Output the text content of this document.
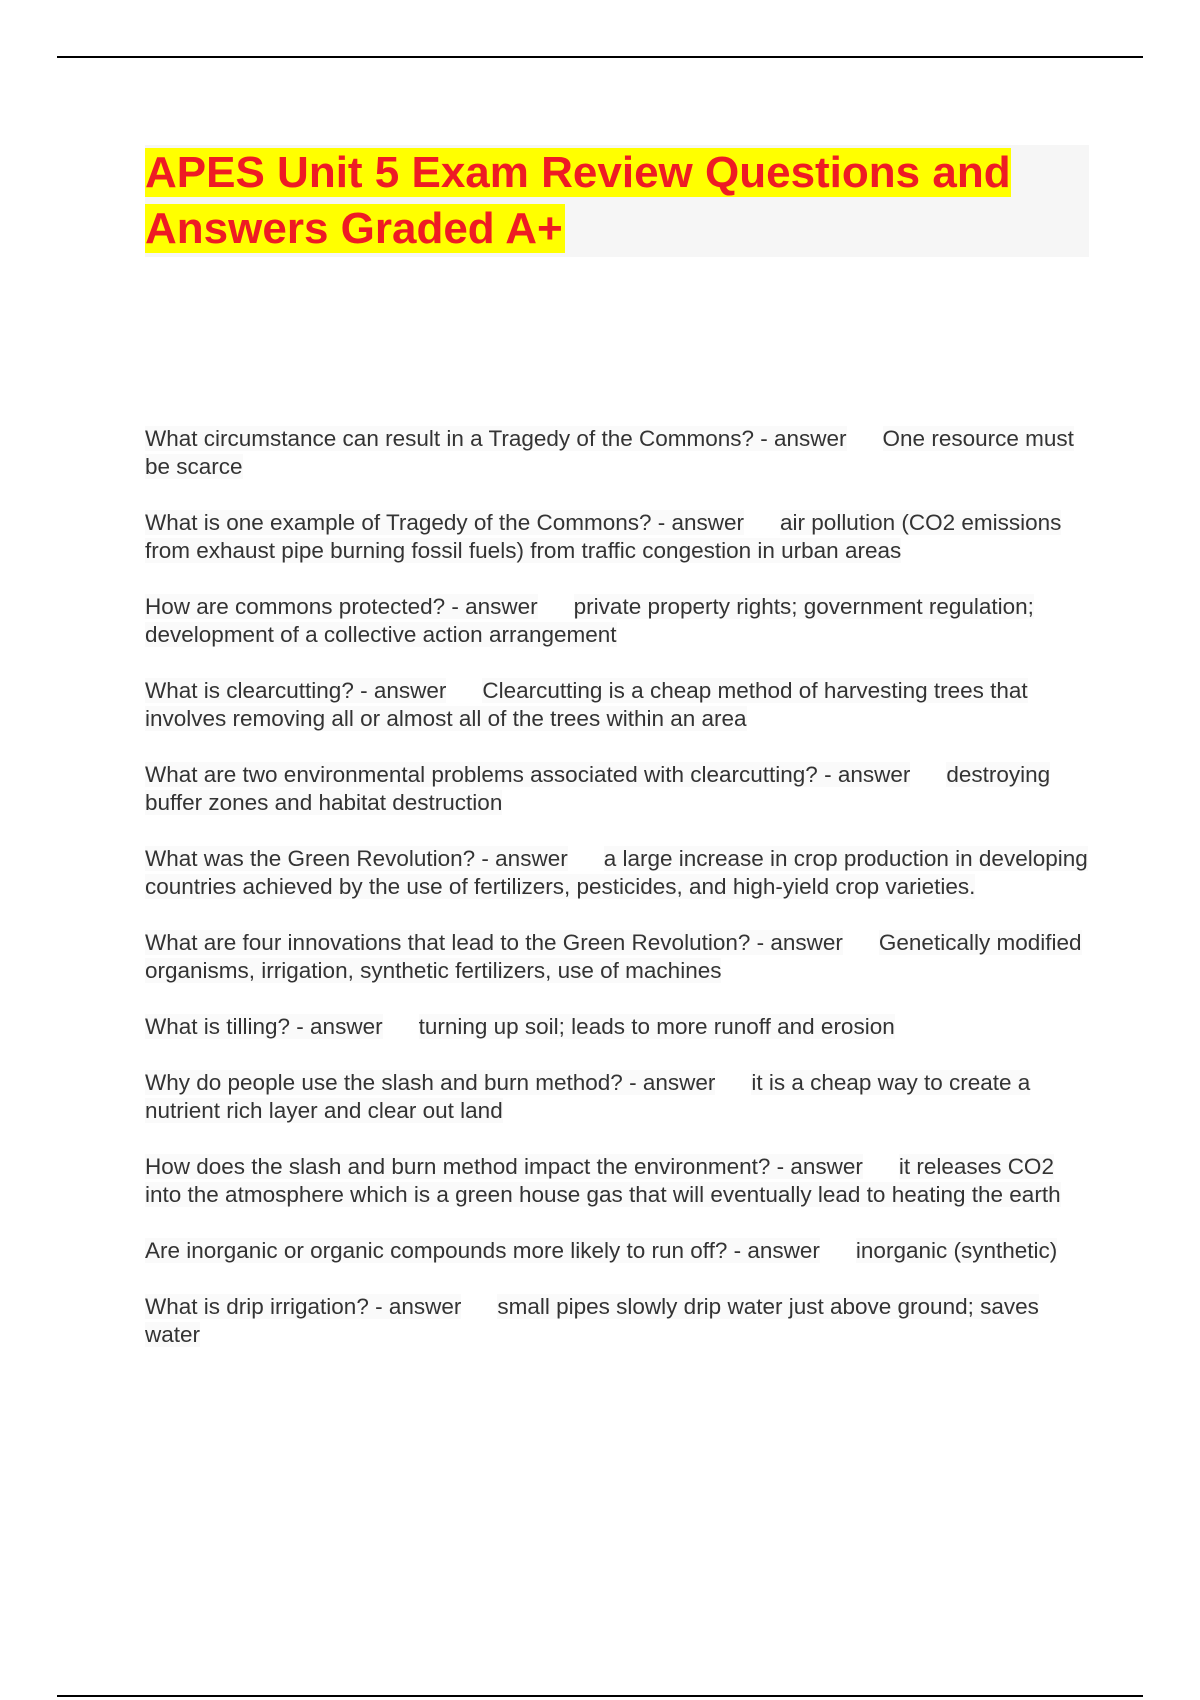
APES Unit 5 Exam Review Questions and Answers Graded A+

What circumstance can result in a Tragedy of the Commons? - answer One resource must be scarce

What is one example of Tragedy of the Commons? - answer air pollution (CO2 emissions from exhaust pipe burning fossil fuels) from traffic congestion in urban areas

How are commons protected? - answer private property rights; government regulation; development of a collective action arrangement

What is clearcutting? - answer Clearcutting is a cheap method of harvesting trees that involves removing all or almost all of the trees within an area

What are two environmental problems associated with clearcutting? - answer destroying buffer zones and habitat destruction

What was the Green Revolution? - answer a large increase in crop production in developing countries achieved by the use of fertilizers, pesticides, and high-yield crop varieties.

What are four innovations that lead to the Green Revolution? - answer Genetically modified organisms, irrigation, synthetic fertilizers, use of machines

What is tilling? - answer turning up soil; leads to more runoff and erosion

Why do people use the slash and burn method? - answer it is a cheap way to create a nutrient rich layer and clear out land

How does the slash and burn method impact the environment? - answer it releases CO2 into the atmosphere which is a green house gas that will eventually lead to heating the earth

Are inorganic or organic compounds more likely to run off? - answer inorganic (synthetic)

What is drip irrigation? - answer small pipes slowly drip water just above ground; saves water
